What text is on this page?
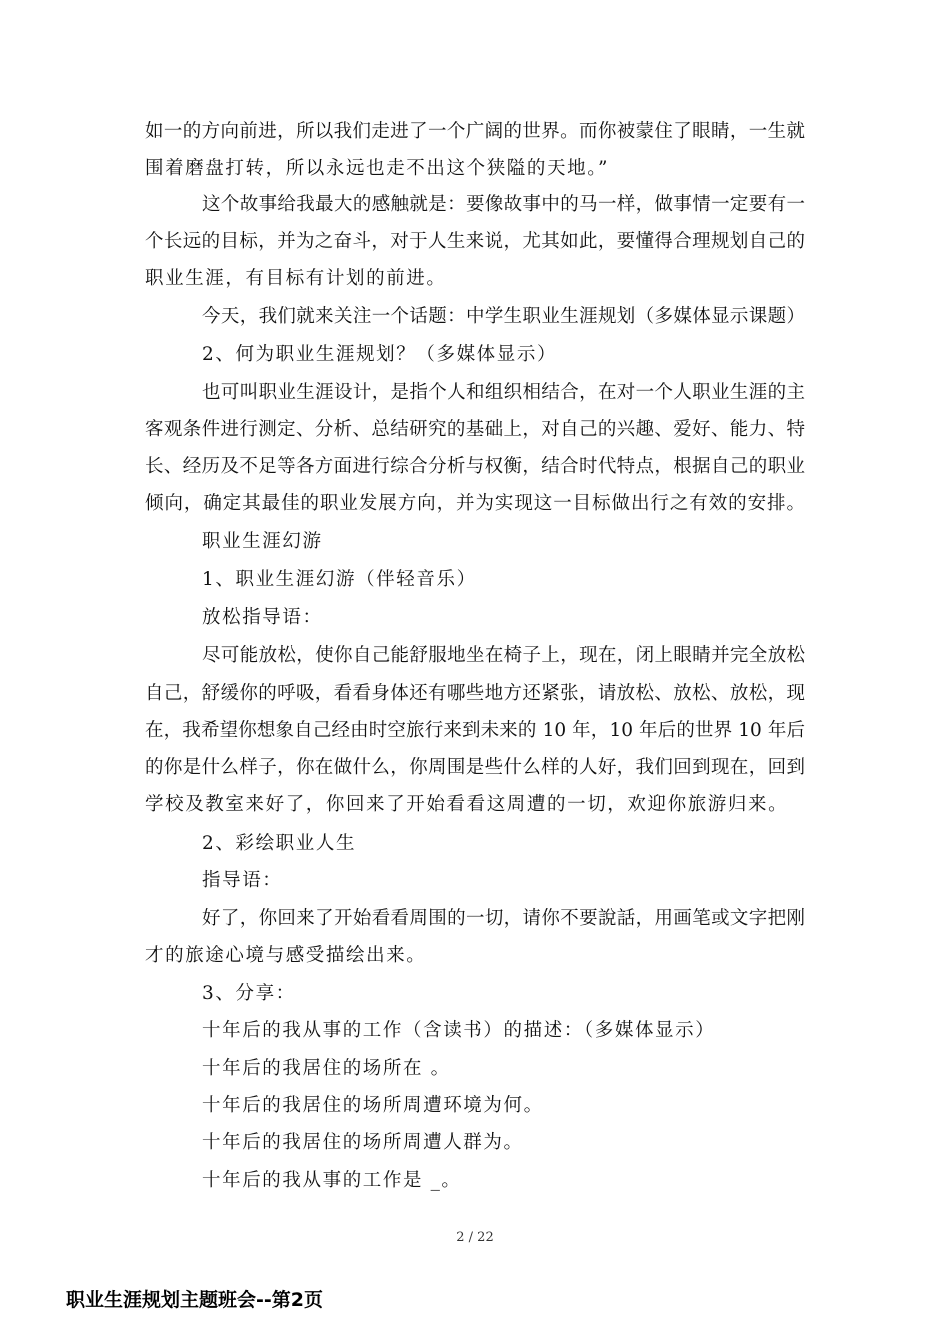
如一的方向前进，所以我们走进了一个广阔的世界。而你被蒙住了眼睛，一生就
围着磨盘打转，所以永远也走不出这个狭隘的天地。”
这个故事给我最大的感触就是：要像故事中的马一样，做事情一定要有一
个长远的目标，并为之奋斗，对于人生来说，尤其如此，要懂得合理规划自己的
职业生涯，有目标有计划的前进。
今天，我们就来关注一个话题：中学生职业生涯规划（多媒体显示课题）
2、何为职业生涯规划？（多媒体显示）
也可叫职业生涯设计，是指个人和组织相结合，在对一个人职业生涯的主
客观条件进行测定、分析、总结研究的基础上，对自己的兴趣、爱好、能力、特
长、经历及不足等各方面进行综合分析与权衡，结合时代特点，根据自己的职业
倾向，确定其最佳的职业发展方向，并为实现这一目标做出行之有效的安排。
职业生涯幻游
1、职业生涯幻游（伴轻音乐）
放松指导语：
尽可能放松，使你自己能舒服地坐在椅子上，现在，闭上眼睛并完全放松
自己，舒缓你的呼吸，看看身体还有哪些地方还紧张，请放松、放松、放松，现
在，我希望你想象自己经由时空旅行来到未来的 10 年，10 年后的世界 10 年后
的你是什么样子，你在做什么，你周围是些什么样的人好，我们回到现在，回到
学校及教室来好了，你回来了开始看看这周遭的一切，欢迎你旅游归来。
2、彩绘职业人生
指导语：
好了，你回来了开始看看周围的一切，请你不要說話，用画笔或文字把刚
才的旅途心境与感受描绘出来。
3、分享：
十年后的我从事的工作（含读书）的描述：（多媒体显示）
十年后的我居住的场所在 。
十年后的我居住的场所周遭环境为何。
十年后的我居住的场所周遭人群为。
十年后的我从事的工作是 _。
2 / 22
职业生涯规划主题班会--第2页
